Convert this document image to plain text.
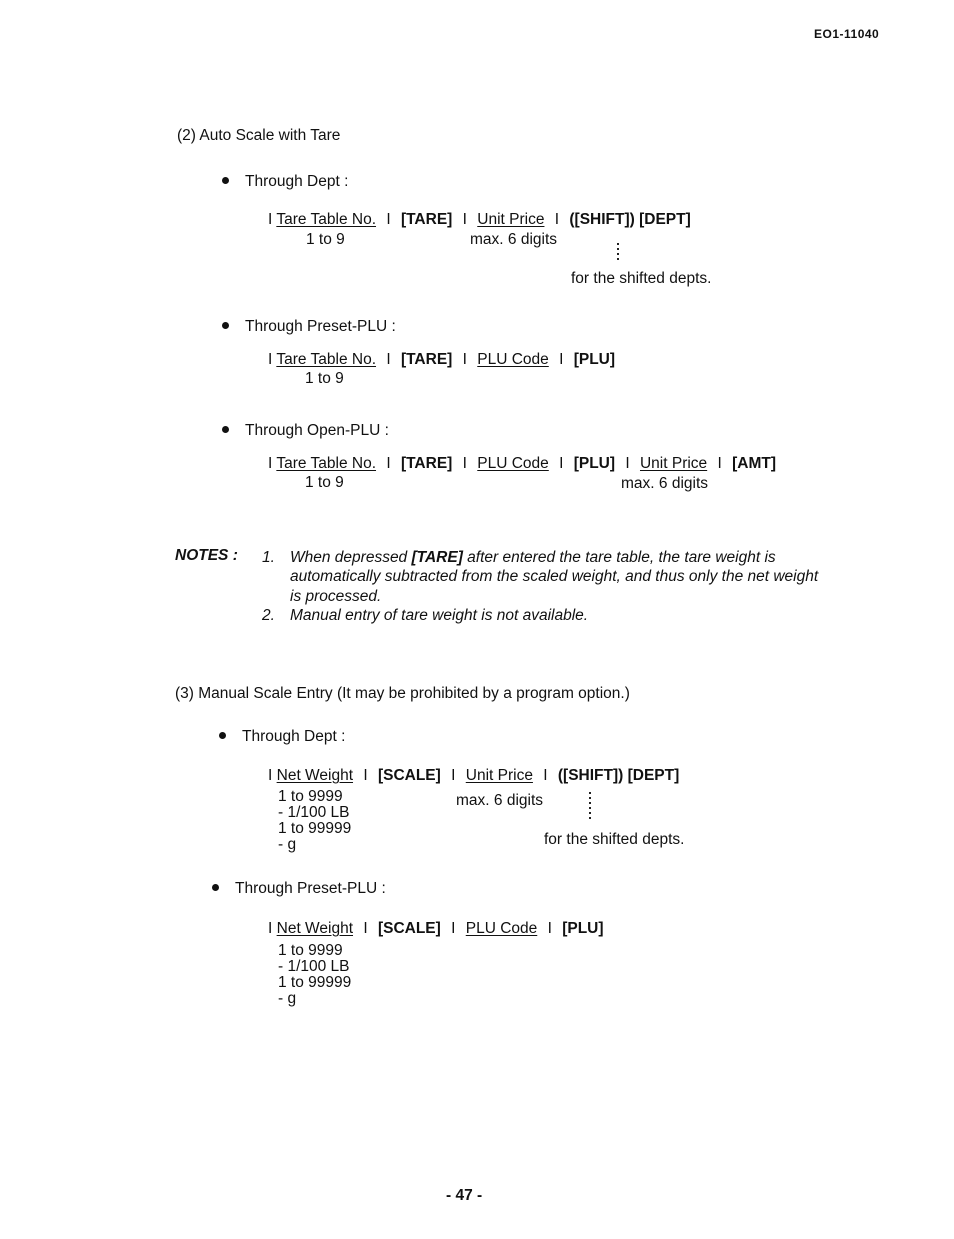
EO1-11040
(2) Auto Scale with Tare
Through Dept :
I Tare Table No. I [TARE] I Unit Price I ([SHIFT]) [DEPT]
1 to 9	max. 6 digits
for the shifted depts.
Through Preset-PLU :
I Tare Table No. I [TARE] I PLU Code I [PLU]
1 to 9
Through Open-PLU :
I Tare Table No. I [TARE] I PLU Code I [PLU] I Unit Price I [AMT]
1 to 9	max. 6 digits
NOTES : 1. When depressed [TARE] after entered the tare table, the tare weight is automatically subtracted from the scaled weight, and thus only the net weight is processed.
2. Manual entry of tare weight is not available.
(3) Manual Scale Entry (It may be prohibited by a program option.)
Through Dept :
I Net Weight I [SCALE] I Unit Price I ([SHIFT]) [DEPT]
1 to 9999
- 1/100 LB
1 to 99999
- g
max. 6 digits
for the shifted depts.
Through Preset-PLU :
I Net Weight I [SCALE] I PLU Code I [PLU]
1 to 9999
- 1/100 LB
1 to 99999
- g
- 47 -
